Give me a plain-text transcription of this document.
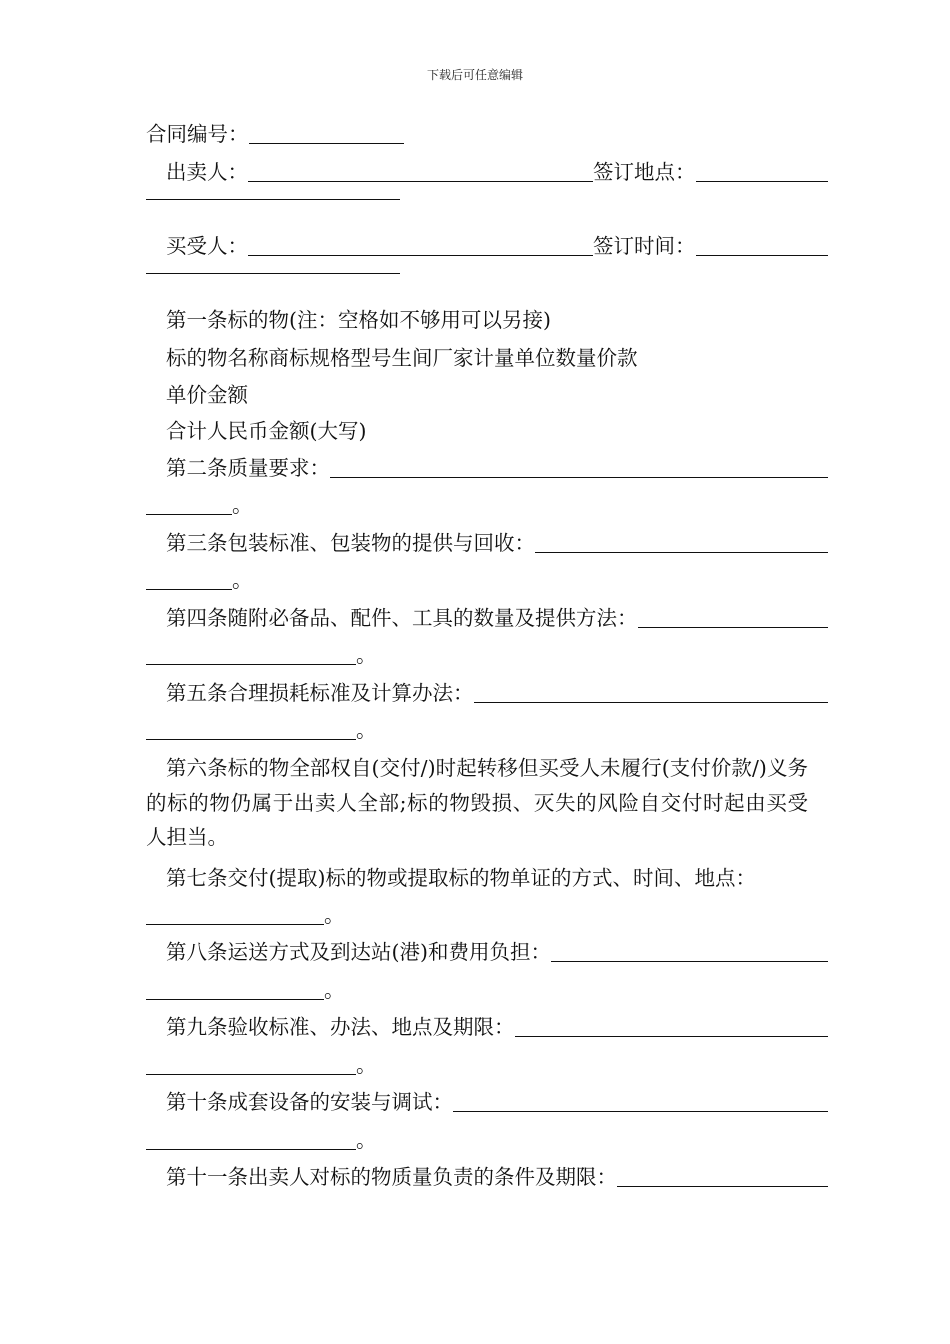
下载后可任意编辑
合同编号：
出卖人：	签订地点：
买受人：	签订时间：
第一条标的物(注：空格如不够用可以另接)
标的物名称商标规格型号生间厂家计量单位数量价款
单价金额
合计人民币金额(大写)
第二条质量要求：
。
第三条包装标准、包装物的提供与回收：
。
第四条随附必备品、配件、工具的数量及提供方法：
。
第五条合理损耗标准及计算办法：
。
第六条标的物全部权自(交付/)时起转移但买受人未履行(支付价款/)义务的标的物仍属于出卖人全部;标的物毁损、灭失的风险自交付时起由买受人担当。
第七条交付(提取)标的物或提取标的物单证的方式、时间、地点：
。
第八条运送方式及到达站(港)和费用负担：
。
第九条验收标准、办法、地点及期限：
。
第十条成套设备的安装与调试：
。
第十一条出卖人对标的物质量负责的条件及期限：
